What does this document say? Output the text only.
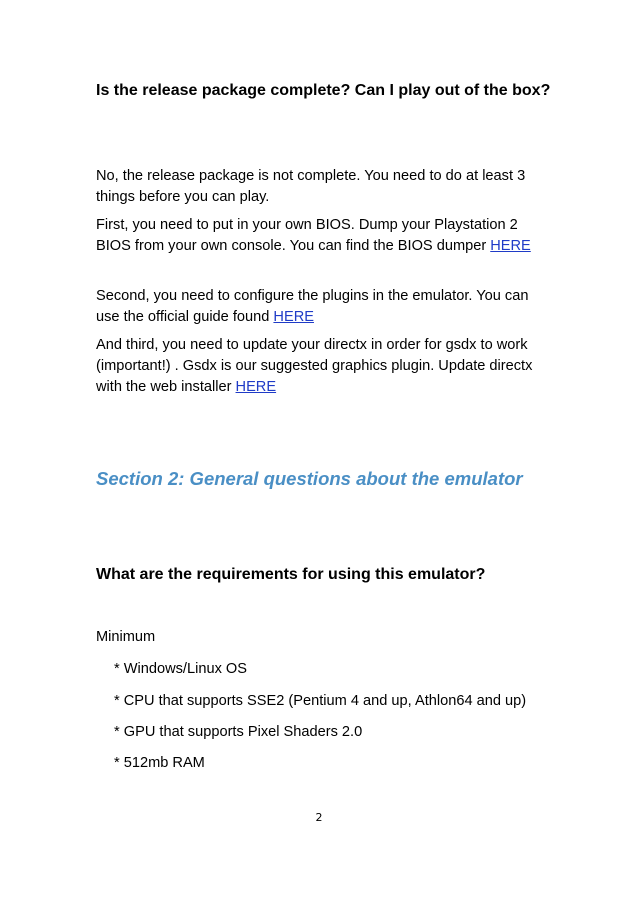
Is the release package complete? Can I play out of the box?

No, the release package is not complete. You need to do at least 3 things before you can play.

First, you need to put in your own BIOS. Dump your Playstation 2 BIOS from your own console. You can find the BIOS dumper HERE

Second, you need to configure the plugins in the emulator. You can use the official guide found HERE

And third, you need to update your directx in order for gsdx to work (important!) . Gsdx is our suggested graphics plugin. Update directx with the web installer HERE

Section 2: General questions about the emulator

What are the requirements for using this emulator?

Minimum

* Windows/Linux OS

* CPU that supports SSE2 (Pentium 4 and up, Athlon64 and up)

* GPU that supports Pixel Shaders 2.0

* 512mb RAM

2
